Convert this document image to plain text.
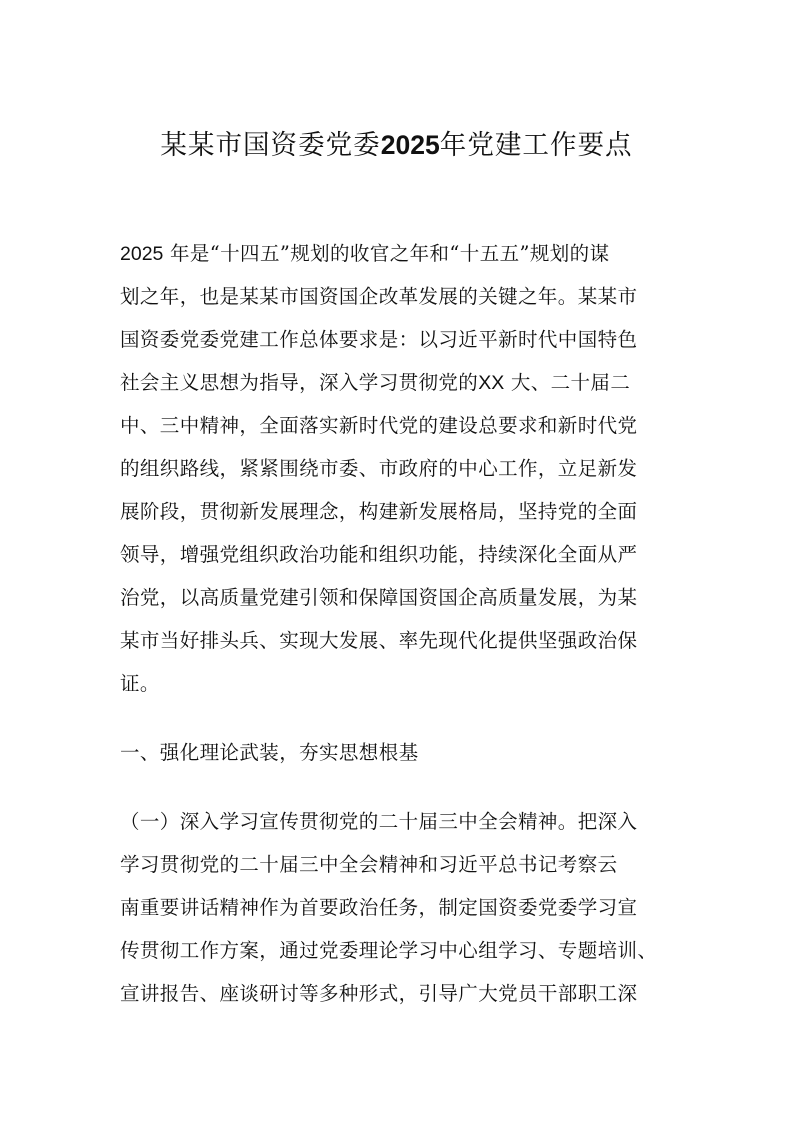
某某市国资委党委2025年党建工作要点
2025 年是“十四五”规划的收官之年和“十五五”规划的谋
划之年，也是某某市国资国企改革发展的关键之年。某某市
国资委党委党建工作总体要求是：以习近平新时代中国特色
社会主义思想为指导，深入学习贯彻党的XX 大、二十届二
中、三中精神，全面落实新时代党的建设总要求和新时代党
的组织路线，紧紧围绕市委、市政府的中心工作，立足新发
展阶段，贯彻新发展理念，构建新发展格局，坚持党的全面
领导，增强党组织政治功能和组织功能，持续深化全面从严
治党，以高质量党建引领和保障国资国企高质量发展，为某
某市当好排头兵、实现大发展、率先现代化提供坚强政治保
证。
一、强化理论武装，夯实思想根基
（一）深入学习宣传贯彻党的二十届三中全会精神。把深入
学习贯彻党的二十届三中全会精神和习近平总书记考察云
南重要讲话精神作为首要政治任务，制定国资委党委学习宣
传贯彻工作方案，通过党委理论学习中心组学习、专题培训、
宣讲报告、座谈研讨等多种形式，引导广大党员干部职工深
